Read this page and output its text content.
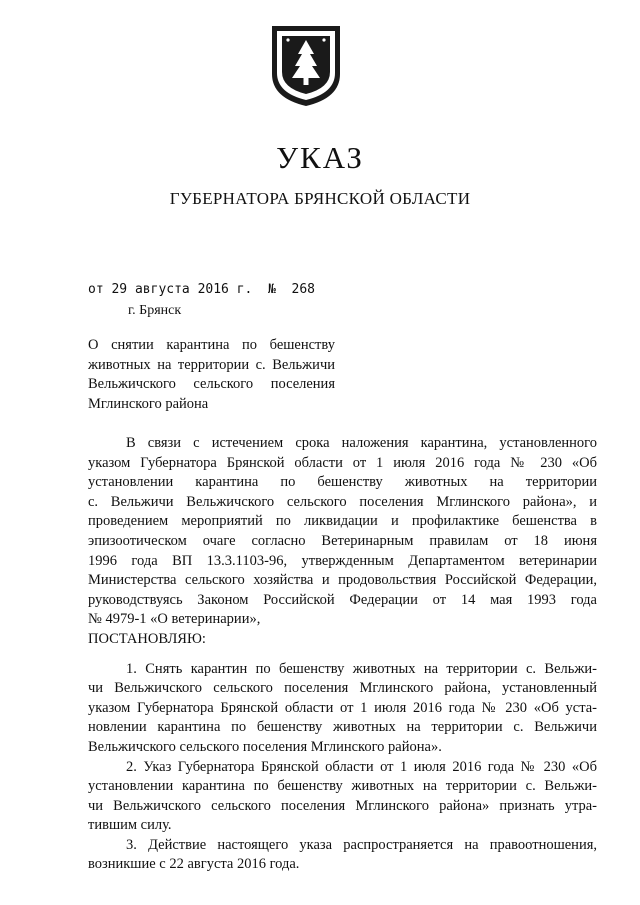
УКАЗ
ГУБЕРНАТОРА БРЯНСКОЙ ОБЛАСТИ
от 29 августа 2016 г.  №  268
г. Брянск
О снятии карантина по бешенству
животных на территории с. Вельжичи
Вельжичского сельского поселения
Мглинского района
В связи с истечением срока наложения карантина, установленного
указом Губернатора Брянской области от 1 июля 2016 года № 230 «Об
установлении карантина по бешенству животных на территории
с. Вельжичи Вельжичского сельского поселения Мглинского района», и
проведением мероприятий по ликвидации и профилактике бешенства в
эпизоотическом очаге согласно Ветеринарным правилам от 18 июня
1996 года ВП 13.3.1103-96, утвержденным Департаментом ветеринарии
Министерства сельского хозяйства и продовольствия Российской Федерации,
руководствуясь Законом Российской Федерации от 14 мая 1993 года
№ 4979-1 «О ветеринарии»,
ПОСТАНОВЛЯЮ:
1. Снять карантин по бешенству животных на территории с. Вельжи-
чи Вельжичского сельского поселения Мглинского района, установленный
указом Губернатора Брянской области от 1 июля 2016 года № 230 «Об уста-
новлении карантина по бешенству животных на территории с. Вельжичи
Вельжичского сельского поселения Мглинского района».
2. Указ Губернатора Брянской области от 1 июля 2016 года № 230 «Об
установлении карантина по бешенству животных на территории с. Вельжи-
чи Вельжичского сельского поселения Мглинского района» признать утра-
тившим силу.
3. Действие настоящего указа распространяется на правоотношения,
возникшие с 22 августа 2016 года.
